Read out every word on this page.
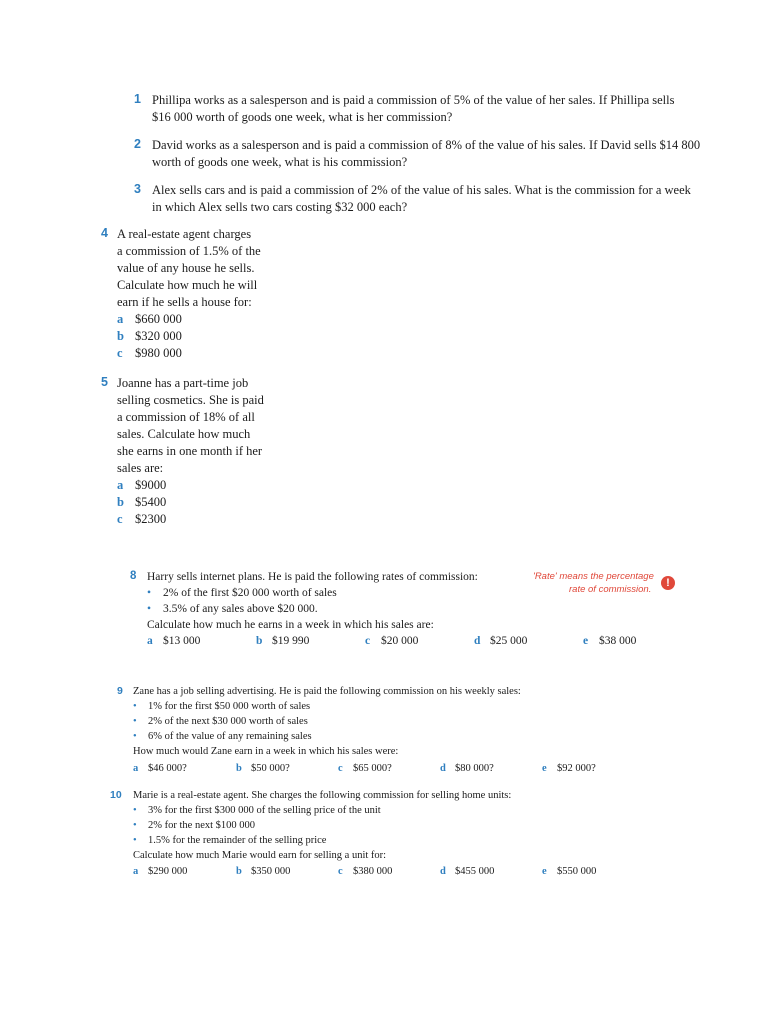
1 Phillipa works as a salesperson and is paid a commission of 5% of the value of her sales. If Phillipa sells
$16 000 worth of goods one week, what is her commission?
2 David works as a salesperson and is paid a commission of 8% of the value of his sales. If David sells $14 800
worth of goods one week, what is his commission?
3 Alex sells cars and is paid a commission of 2% of the value of his sales. What is the commission for a week
in which Alex sells two cars costing $32 000 each?
4 A real-estate agent charges
a commission of 1.5% of the
value of any house he sells.
Calculate how much he will
earn if he sells a house for:
a $660 000
b $320 000
c $980 000
5 Joanne has a part-time job
selling cosmetics. She is paid
a commission of 18% of all
sales. Calculate how much
she earns in one month if her
sales are:
a $9000
b $5400
c $2300
8 Harry sells internet plans. He is paid the following rates of commission:
• 2% of the first $20 000 worth of sales
• 3.5% of any sales above $20 000.
Calculate how much he earns in a week in which his sales are:
a $13 000	b $19 990	c $20 000	d $25 000	e $38 000
'Rate' means the percentage
rate of commission.
!
9 Zane has a job selling advertising. He is paid the following commission on his weekly sales:
• 1% for the first $50 000 worth of sales
• 2% of the next $30 000 worth of sales
• 6% of the value of any remaining sales
How much would Zane earn in a week in which his sales were:
a $46 000?	b $50 000?	c $65 000?	d $80 000?	e $92 000?
10 Marie is a real-estate agent. She charges the following commission for selling home units:
• 3% for the first $300 000 of the selling price of the unit
• 2% for the next $100 000
• 1.5% for the remainder of the selling price
Calculate how much Marie would earn for selling a unit for:
a $290 000	b $350 000	c $380 000	d $455 000	e $550 000
